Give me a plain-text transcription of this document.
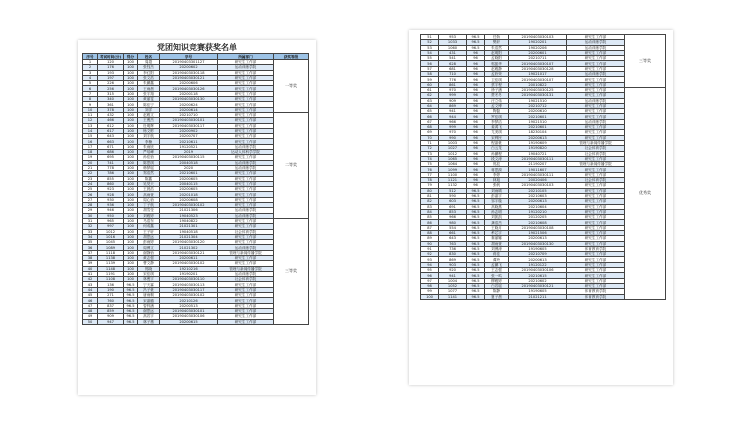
党团知识竞赛获奖名单
序号	考试时间(分)	得分	姓名	学号	所属部门	获奖等级
1	120	100	周超	20190403301127	研究生工作部	一等奖
2	176	100	张钰杰	20200602	运动训练学院	
3	193	100	李红阳	20190403030118	研究生工作部	
4	197	100	张文浩	20190403030121	研究生工作部	
5	226	100	朱鹏鑫	20200606	研究生工作部	
6	256	100	王雨晨	20190403030126	研究生工作部	
7	315	100	张宇翔	20200118	研究生工作部	
8	340	100	黄丽雯	20190403030130	研究生工作部	
9	361	100	陈佳宁	20200624	研究生工作部	
10	378	100	刘洋	20200614	研究生工作部	
11	432	100	赵雅文	20210710	研究生工作部	二等奖
12	466	100	王俊杰	20190403030101	研究生工作部	
13	612	100	杜明辉	20190403030117	研究生工作部	
14	617	100	杨文彬	20200902	研究生工作部	
15	643	100	刘宇航	20200707	研究生工作部	
16	663	100	李楠	20210611	研究生工作部	
17	671	100	朱雨欣	19120521	运动训练学院	
18	686	100	严培峰	2019	运动人体科学学院	
19	695	100	孙佳怡	20190403030115	研究生工作部	
20	741	100	陈思琪	20040518	运动训练学院	
21	778	100	韩梦瑶	2020	运动训练学院	
22	786	100	郑浩然	20210601	研究生工作部	
23	855	100	陈鑫	20200605	研究生工作部	
24	860	100	吴昊天	20040115	研究生工作部	
25	923	100	王晨浩	20200605	研究生工作部	
26	928	100	高雨萱	20201018	研究生工作部	
27	930	100	周心怡	20200608	研究生工作部	
28	936	100	丁子航	20190403030102	研究生工作部	
29	946	100	胡雪莹	21021306	运动训练学院	
30	950	100	刘雅婷	19040523	运动训练学院	
31	965	100	马浩东	19040822	研究生工作部	三等奖
32	997	100	何成鑫	21021301	研究生工作部	
33	1012	100	王子轩	19040518	社会体育学院	
34	1016	100	胡思远	21021304	研究生工作部	
35	1045	100	彭雨婷	20190403030120	研究生工作部	
36	1089	100	周博文	21021302	运动训练学院	
37	1118	100	谢静怡	20190403030121	管理与新闻传播学院	
38	1138	100	黄志强	20200611	研究生工作部	
39	1139	100	曹文静	20190403030102	研究生工作部	
40	1148	100	郭晓	19210216	管理与新闻传播学院	
41	1191	100	宋佳琪	19190201	运动训练学院	
42	1108	100	林俊宇	20190403030110	社会体育学院	
43	136	96.5	宁天霖	20190403030113	研究生工作部	
44	190	96.5	冯子豪	20190403030117	研究生工作部	
45	271	96.5	唐雨桐	20190403030102	研究生工作部	
46	760	96.5	宋嘉璐	20210126	研究生工作部	
47	837	96.5	曾梓涵	20200513	研究生工作部	
48	859	96.5	谢思远	20190403030101	研究生工作部	
49	909	96.5	高若宇	20190403030106	研究生工作部	
50	947	96.5	林子墨	20200615	研究生工作部	
51	953	96.5	任娇	20190403030103	研究生工作部	三等奖
52	1033	96.5	樊轩	19020201	运动训练学院	
53	1060	96.5	朱浩然	19020206	运动训练学院	
54	431	96	赵明阳	20200601	研究生工作部	
55	541	96	孟晓阳	20210711	研究生工作部	
56	628	96	郭振华	20190403030107	研究生工作部	
57	681	96	赵雅静	20190403030128	研究生工作部	
58	710	96	孟欣荣	19021017	运动训练学院	
59	776	96	卫佳琪	20190403030107	研究生工作部	
60	861	96	蔡宇程	20010822	研究生工作部	
61	970	96	徐子涵	20190403030125	研究生工作部	优秀奖
62	999	96	贾冬冬	20190403030131	研究生工作部	
63	909	96	汪立伟	19021510	运动训练学院	
64	869	96	孟文博	20210712	研究生工作部	
65	941	96	陶磊	20200610	研究生工作部	
66	944	96	罗佳琪	20210601	研究生工作部	
67	966	96	李梦洁	19021510	运动训练学院	
68	999	96	姜鸿飞	20210601	研究生工作部	
69	970	96	尤美琪	18230104	研究生工作部	
70	990	96	宋利民	20200613	研究生工作部	
71	1003	96	程嘉豪	19190609	管理与新闻传播学院	
72	1027	96	白云龙	19190820	社会体育学院	
73	1012	96	孙鹏程	19040721	社会体育学院	
74	1065	96	段文涛	20190403030111	研究生工作部	
75	1064	96	郭辰	21190207	管理与新闻传播学院	
76	1099	96	蒋思源	19011607	研究生工作部	
77	1100	96	李婷	20190403030111	研究生工作部	
78	1121	96	林旭	20020406	社会体育学院	
79	1132	96	张帆	20190403030103	研究生工作部	
80	512	96.5	刘雨晴	20210105	研究生工作部	
81	590	96.5	彭嘉宇	20210603	研究生工作部	
82	603	96.5	邹宇璇	20200613	研究生工作部	
83	691	96.5	高晓燕	20210604	研究生工作部	
84	853	96.5	孙志明	19120210	研究生工作部	
85	966	96.5	刘凯凯	20120205	研究生工作部	
86	980	96.5	龚浩杰	20210608	研究生工作部	
87	554	96.5	王晓月	20190403030108	研究生工作部	
88	661	96.5	牟芯宇	19021506	研究生工作部	
89	643	96.5	秦丽娜	20200613	研究生工作部	
90	763	96.5	胡雨萱	20190403030130	研究生工作部	
91	736	96.5	刘博涛	19190605	体育教育学院	
92	830	96.5	蒋佳	20210709	研究生工作部	
93	869	96.5	谭玲	20200613	研究生工作部	
94	903	96.5	孟鹏飞	19120122	研究生工作部	
95	920	96.5	王志强	20190403030106	研究生工作部	
96	941	96.5	张一鸣	20210615	研究生工作部	
97	1004	96.5	柳雅婷	20210602	研究生工作部	
98	1052	96.5	白若瑶	20190403030121	研究生工作部	
99	1077	96.5	陈静	19190605	体育教育学院	
100	1141	96.5	夏子晨	21021211	体育教育学院	
